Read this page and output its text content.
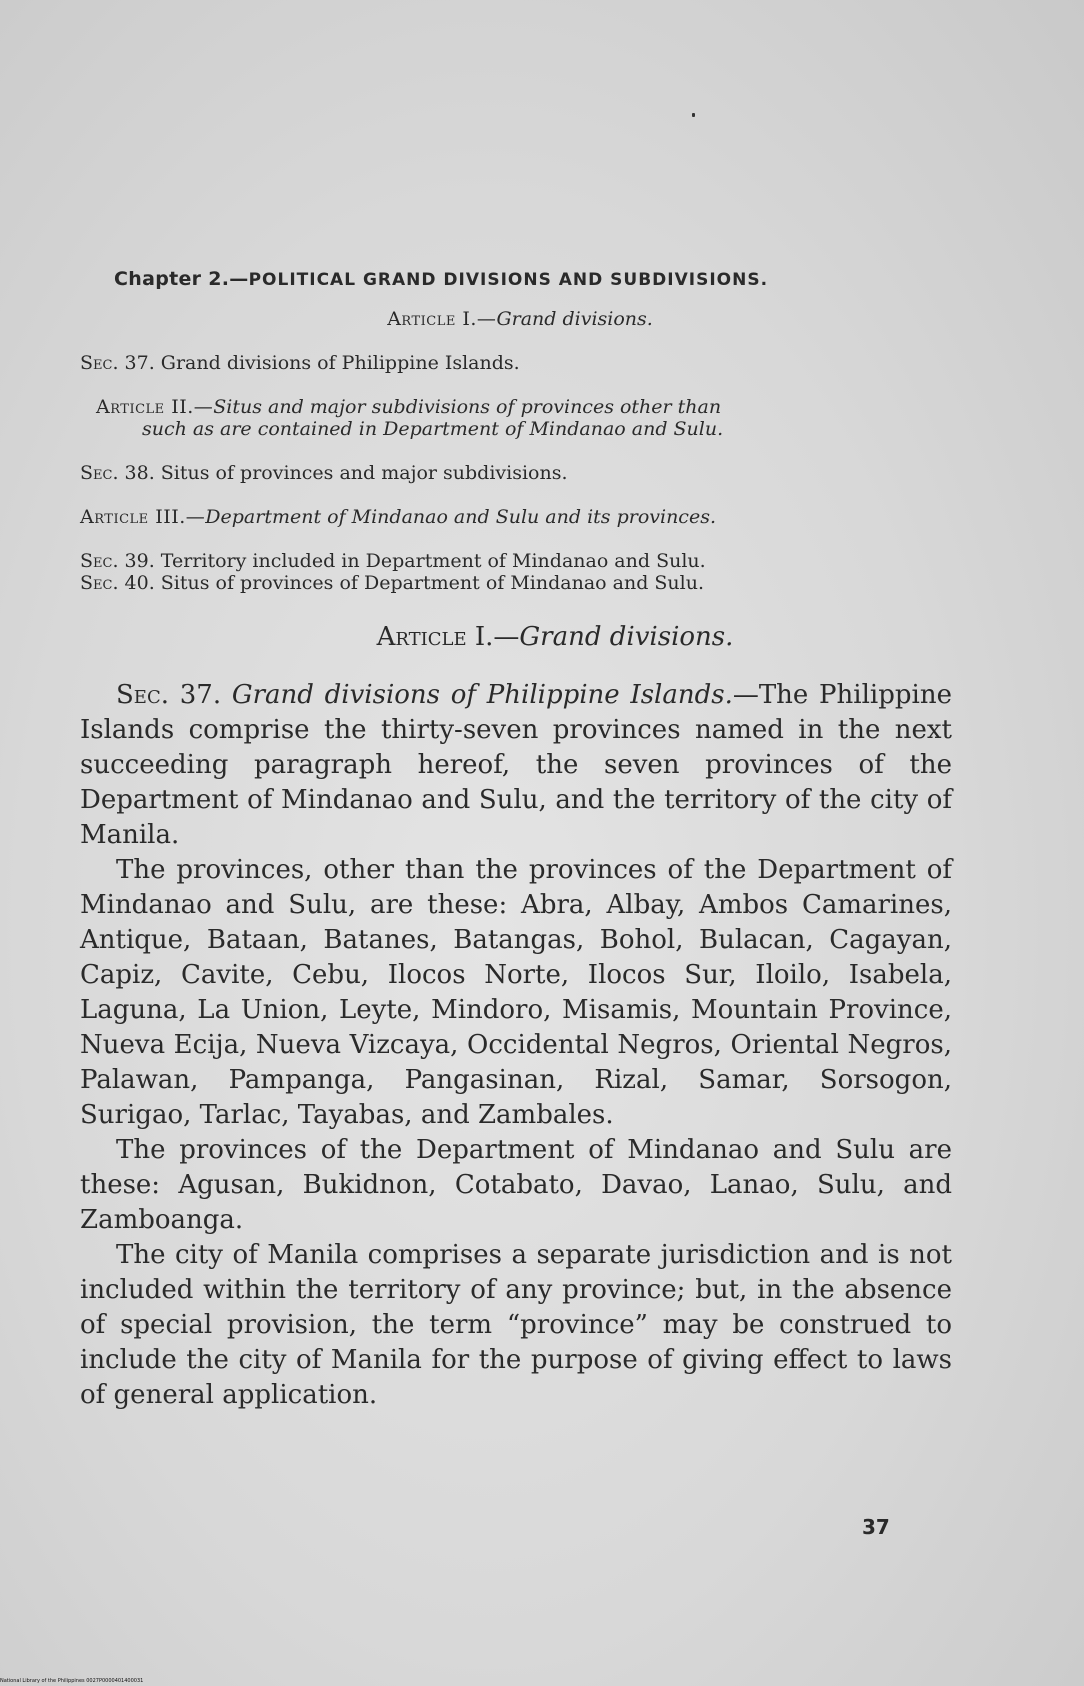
Chapter 2.—POLITICAL GRAND DIVISIONS AND SUBDIVISIONS.

Article I.—Grand divisions.

Sec. 37. Grand divisions of Philippine Islands.

Article II.—Situs and major subdivisions of provinces other than
such as are contained in Department of Mindanao and Sulu.

Sec. 38. Situs of provinces and major subdivisions.

Article III.—Department of Mindanao and Sulu and its provinces.

Sec. 39. Territory included in Department of Mindanao and Sulu.

Sec. 40. Situs of provinces of Department of Mindanao and Sulu.

Article I.—Grand divisions.

Sec. 37. Grand divisions of Philippine Islands.—The Philippine Islands comprise the thirty-seven provinces named in the next succeeding paragraph hereof, the seven provinces of the Department of Mindanao and Sulu, and the territory of the city of Manila.

The provinces, other than the provinces of the Department of Mindanao and Sulu, are these: Abra, Albay, Ambos Camarines, Antique, Bataan, Batanes, Batangas, Bohol, Bulacan, Cagayan, Capiz, Cavite, Cebu, Ilocos Norte, Ilocos Sur, Iloilo, Isabela, Laguna, La Union, Leyte, Mindoro, Misamis, Mountain Province, Nueva Ecija, Nueva Vizcaya, Occidental Negros, Oriental Negros, Palawan, Pampanga, Pangasinan, Rizal, Samar, Sorsogon, Surigao, Tarlac, Tayabas, and Zambales.

The provinces of the Department of Mindanao and Sulu are these: Agusan, Bukidnon, Cotabato, Davao, Lanao, Sulu, and Zamboanga.

The city of Manila comprises a separate jurisdiction and is not included within the territory of any province; but, in the absence of special provision, the term “province” may be construed to include the city of Manila for the purpose of giving effect to laws of general application.

37
National Library of the Philippines 0027P0000401400031
